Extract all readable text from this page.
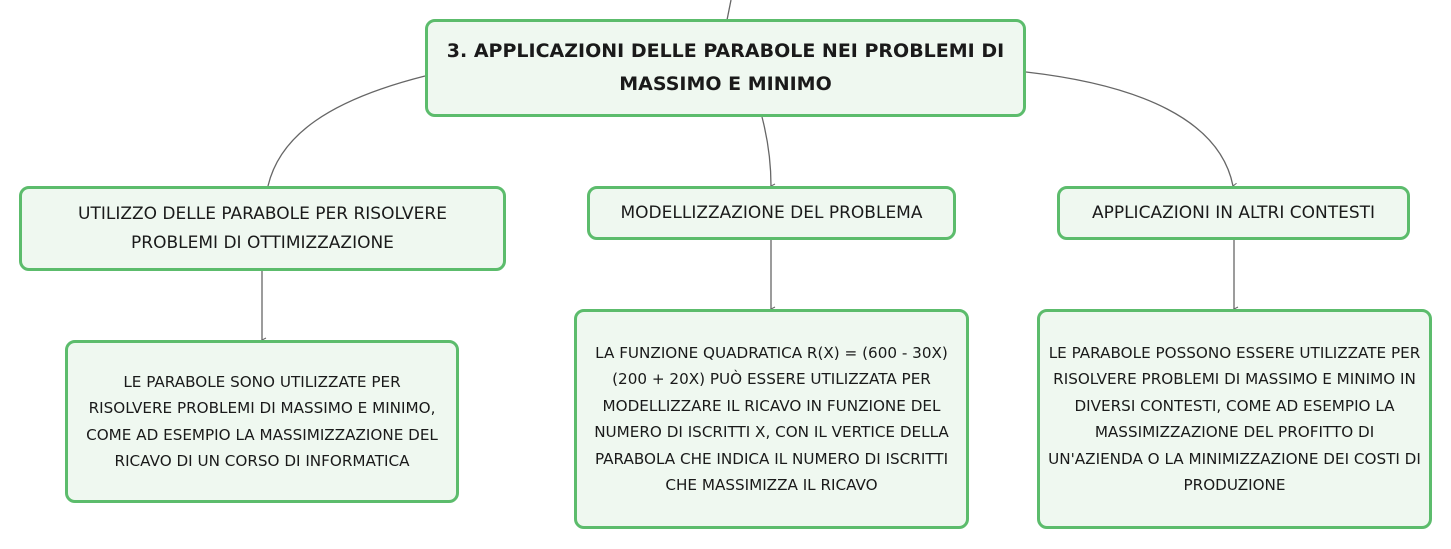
3. APPLICAZIONI DELLE PARABOLE NEI PROBLEMI DI MASSIMO E MINIMO
UTILIZZO DELLE PARABOLE PER RISOLVERE PROBLEMI DI OTTIMIZZAZIONE
MODELLIZZAZIONE DEL PROBLEMA	APPLICAZIONI IN ALTRI CONTESTI
LE PARABOLE SONO UTILIZZATE PER RISOLVERE PROBLEMI DI MASSIMO E MINIMO, COME AD ESEMPIO LA MASSIMIZZAZIONE DEL RICAVO DI UN CORSO DI INFORMATICA
LA FUNZIONE QUADRATICA R(X) = (600 - 30X) (200 + 20X) PUÒ ESSERE UTILIZZATA PER MODELLIZZARE IL RICAVO IN FUNZIONE DEL NUMERO DI ISCRITTI X, CON IL VERTICE DELLA PARABOLA CHE INDICA IL NUMERO DI ISCRITTI CHE MASSIMIZZA IL RICAVO
LE PARABOLE POSSONO ESSERE UTILIZZATE PER RISOLVERE PROBLEMI DI MASSIMO E MINIMO IN DIVERSI CONTESTI, COME AD ESEMPIO LA MASSIMIZZAZIONE DEL PROFITTO DI UN'AZIENDA O LA MINIMIZZAZIONE DEI COSTI DI PRODUZIONE
